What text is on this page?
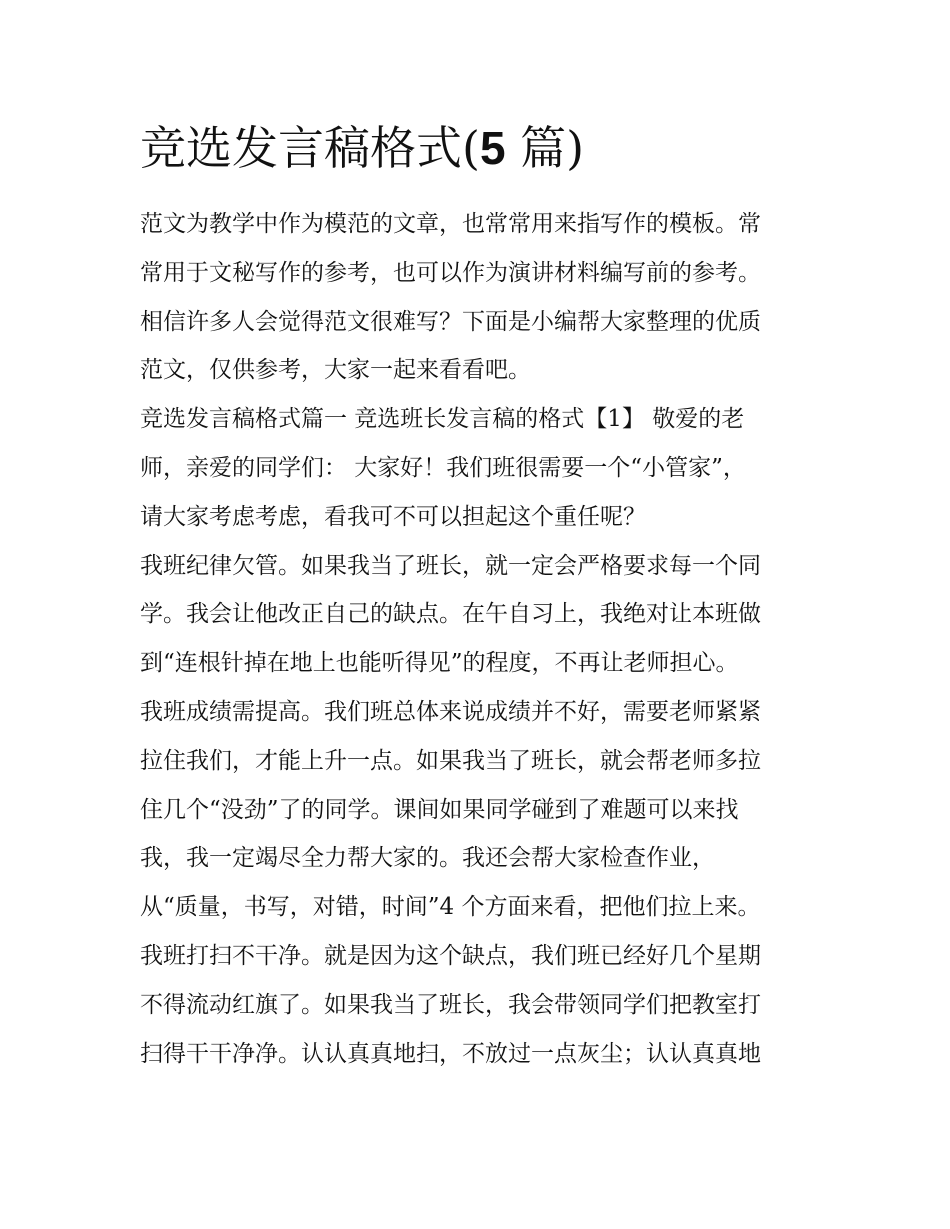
竞选发言稿格式(5 篇)
范文为教学中作为模范的文章，也常常用来指写作的模板。常
常用于文秘写作的参考，也可以作为演讲材料编写前的参考。
相信许多人会觉得范文很难写？下面是小编帮大家整理的优质
范文，仅供参考，大家一起来看看吧。
竞选发言稿格式篇一 竞选班长发言稿的格式【1】 敬爱的老
师，亲爱的同学们： 大家好！我们班很需要一个“小管家”，
请大家考虑考虑，看我可不可以担起这个重任呢？
我班纪律欠管。如果我当了班长，就一定会严格要求每一个同
学。我会让他改正自己的缺点。在午自习上，我绝对让本班做
到“连根针掉在地上也能听得见”的程度，不再让老师担心。
我班成绩需提高。我们班总体来说成绩并不好，需要老师紧紧
拉住我们，才能上升一点。如果我当了班长，就会帮老师多拉
住几个“没劲”了的同学。课间如果同学碰到了难题可以来找
我，我一定竭尽全力帮大家的。我还会帮大家检查作业，
从“质量，书写，对错，时间”4 个方面来看，把他们拉上来。
我班打扫不干净。就是因为这个缺点，我们班已经好几个星期
不得流动红旗了。如果我当了班长，我会带领同学们把教室打
扫得干干净净。认认真真地扫，不放过一点灰尘；认认真真地
